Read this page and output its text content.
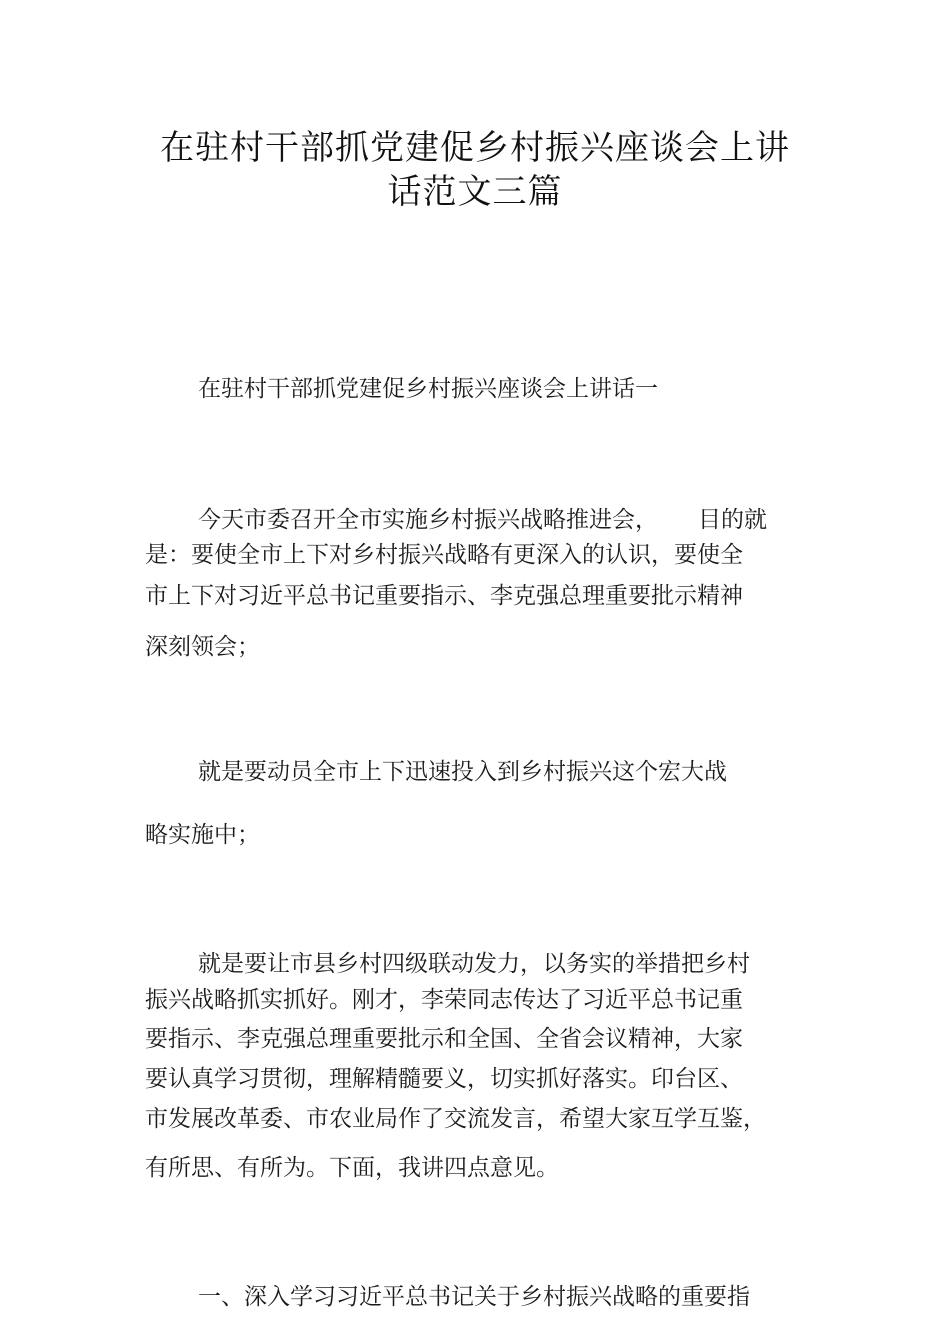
在驻村干部抓党建促乡村振兴座谈会上讲
话范文三篇
在驻村干部抓党建促乡村振兴座谈会上讲话一
今天市委召开全市实施乡村振兴战略推进会， 目的就
是：要使全市上下对乡村振兴战略有更深入的认识，要使全
市上下对习近平总书记重要指示、李克强总理重要批示精神
深刻领会；
就是要动员全市上下迅速投入到乡村振兴这个宏大战
略实施中；
就是要让市县乡村四级联动发力，以务实的举措把乡村
振兴战略抓实抓好。刚才，李荣同志传达了习近平总书记重
要指示、李克强总理重要批示和全国、全省会议精神，大家
要认真学习贯彻，理解精髓要义，切实抓好落实。印台区、
市发展改革委、市农业局作了交流发言，希望大家互学互鉴，
有所思、有所为。下面，我讲四点意见。
一、深入学习习近平总书记关于乡村振兴战略的重要指
